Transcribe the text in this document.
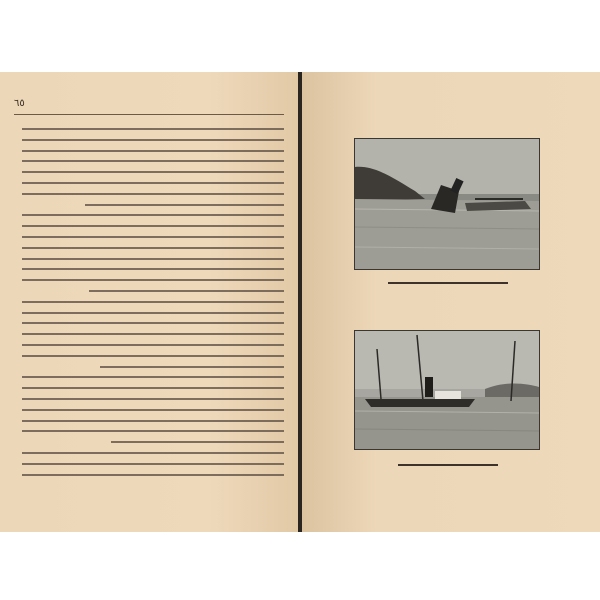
٦٥
